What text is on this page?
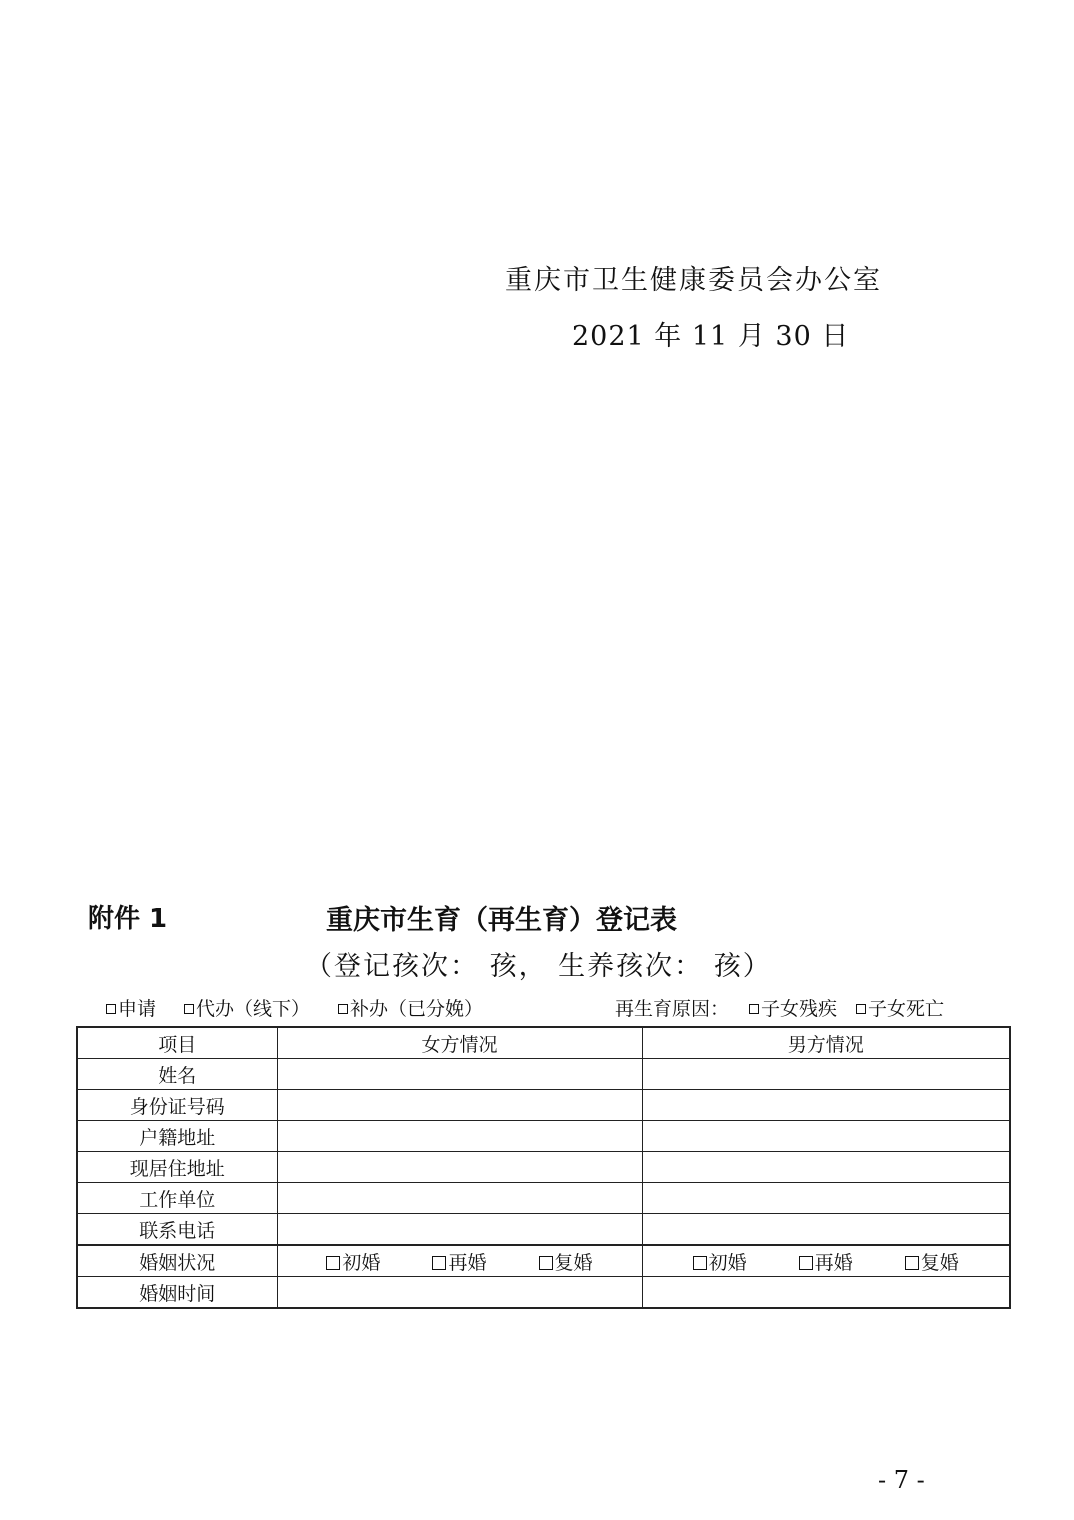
重庆市卫生健康委员会办公室
2021 年 11 月 30 日
附件 1	重庆市生育（再生育）登记表
（登记孩次： 孩， 生养孩次： 孩）
申请	代办（线下）	补办（已分娩）	再生育原因：	子女残疾	子女死亡
项目	女方情况	男方情况
姓名		
身份证号码		
户籍地址		
现居住地址		
工作单位		
联系电话		
婚姻状况	初婚 再婚 复婚	初婚 再婚 复婚
婚姻时间		
- 7 -
